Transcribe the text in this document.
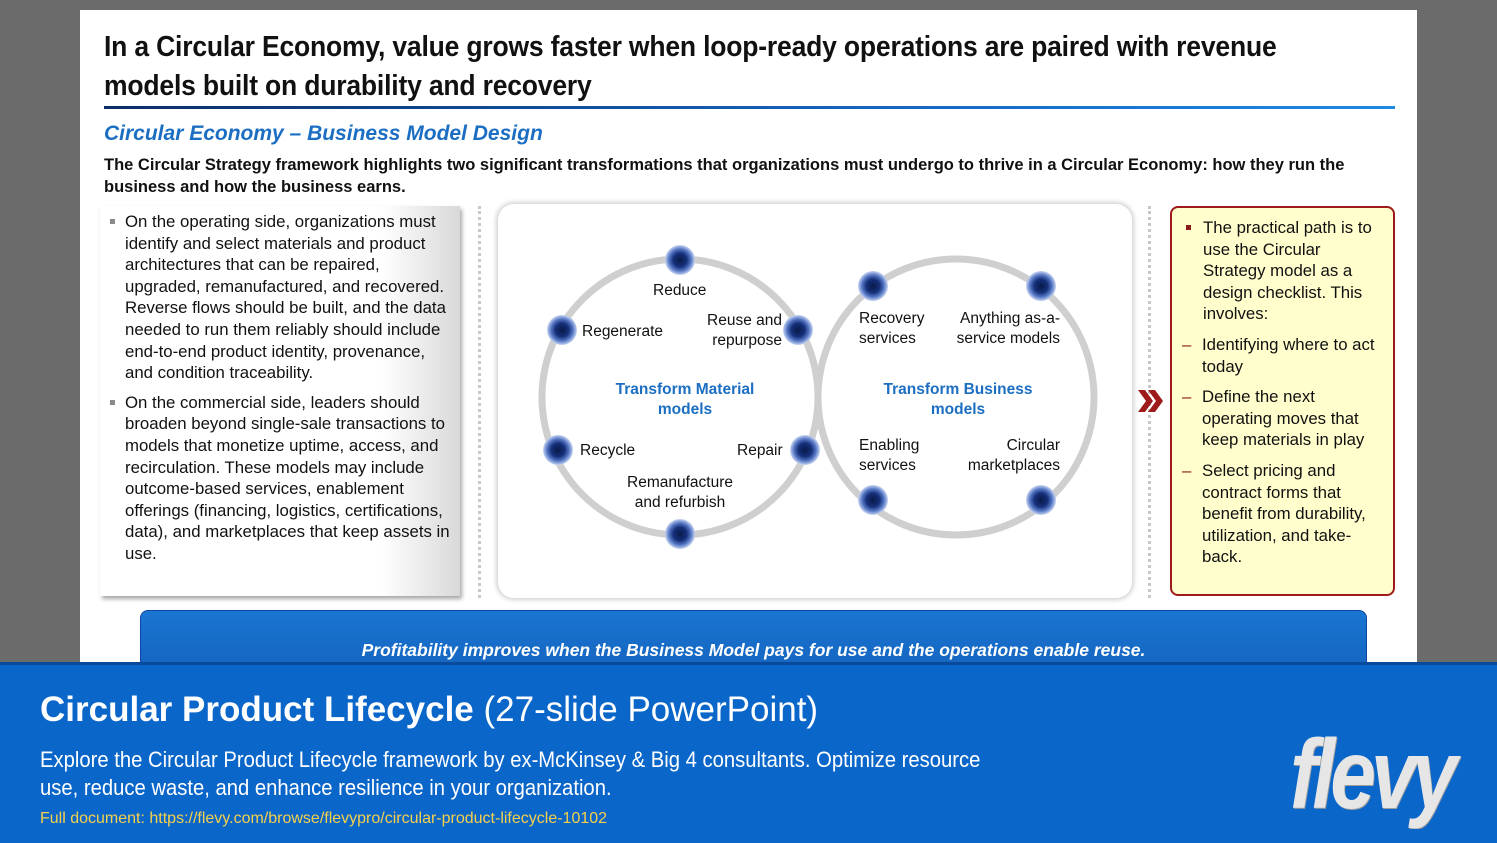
In a Circular Economy, value grows faster when loop-ready operations are paired with revenue models built on durability and recovery
Circular Economy – Business Model Design
The Circular Strategy framework highlights two significant transformations that organizations must undergo to thrive in a Circular Economy: how they run the business and how the business earns.
On the operating side, organizations must identify and select materials and product architectures that can be repaired, upgraded, remanufactured, and recovered. Reverse flows should be built, and the data needed to run them reliably should include end-to-end product identity, provenance, and condition traceability.
On the commercial side, leaders should broaden beyond single-sale transactions to models that monetize uptime, access, and recirculation. These models may include outcome-based services, enablement offerings (financing, logistics, certifications, data), and marketplaces that keep assets in use.
Reduce
Regenerate
Reuse and repurpose
Recycle	Repair
Remanufacture and refurbish
Transform Material models
Recovery services
Anything as-a-service models
Enabling services
Circular marketplaces
Transform Business models
The practical path is to use the Circular Strategy model as a design checklist. This involves:
– Identifying where to act today
– Define the next operating moves that keep materials in play
– Select pricing and contract forms that benefit from durability, utilization, and take-back.
Profitability improves when the Business Model pays for use and the operations enable reuse.
Circular Product Lifecycle (27-slide PowerPoint)
Explore the Circular Product Lifecycle framework by ex-McKinsey & Big 4 consultants. Optimize resource use, reduce waste, and enhance resilience in your organization.
Full document: https://flevy.com/browse/flevypro/circular-product-lifecycle-10102	flevy
